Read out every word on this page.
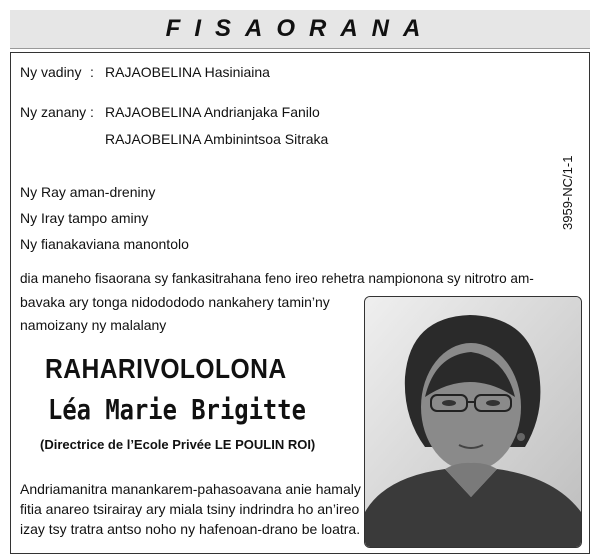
FISAORANA
Ny vadiny : RAJAOBELINA Hasiniaina
Ny zanany : RAJAOBELINA Andrianjaka Fanilo
RAJAOBELINA Ambinintsoa Sitraka
Ny Ray aman-dreniny
Ny Iray tampo aminy
Ny fianakaviana manontolo
3959-NC/1-1
dia maneho fisaorana sy fankasitrahana feno ireo rehetra nampionona sy nitrotro am-
bavaka ary tonga nidodododo nankahery tamin’ny
namoizany ny malalany
RAHARIVOLOLONA
Léa Marie Brigitte
(Directrice de l’Ecole Privée LE POULIN ROI)
Andriamanitra manankarem-pahasoavana anie hamaly
fitia anareo tsirairay ary miala tsiny indrindra ho an’ireo
izay tsy tratra antso noho ny hafenoan-drano be loatra.
